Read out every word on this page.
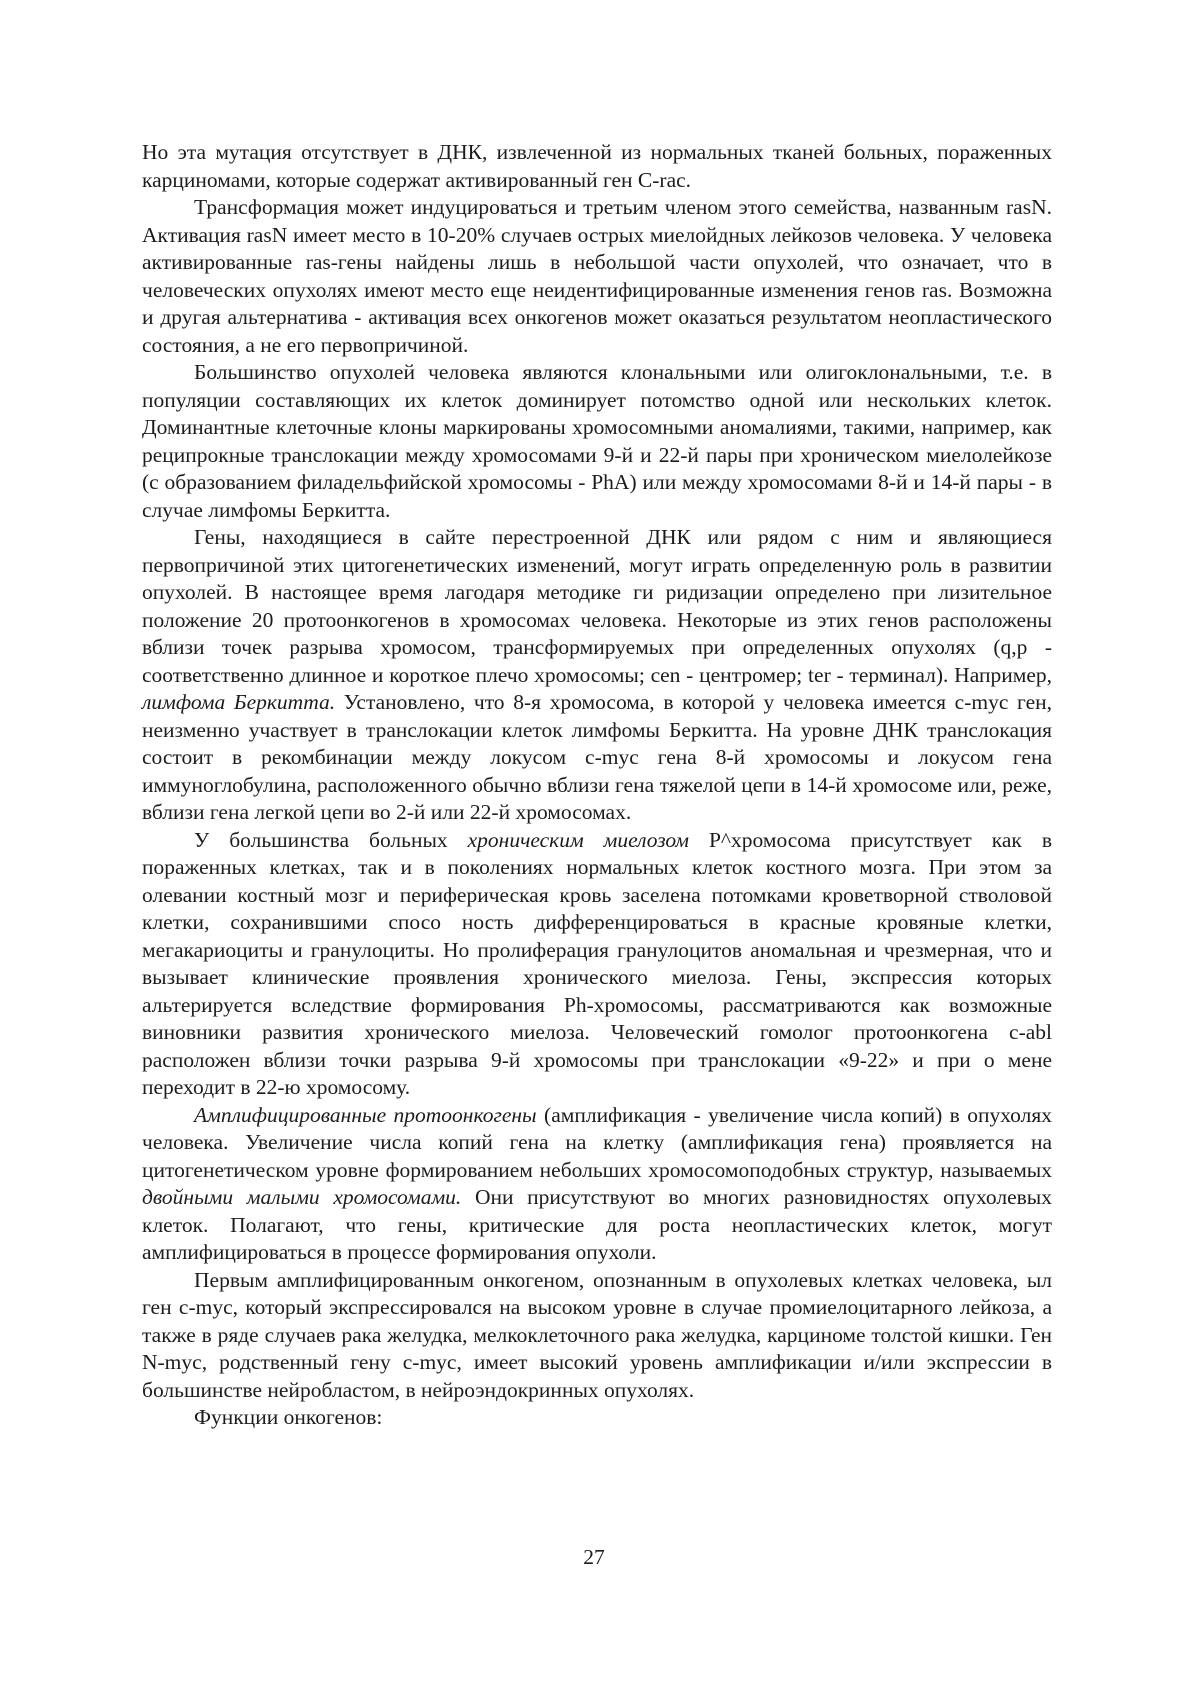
Но эта мутация отсутствует в ДНК, извлеченной из нормальных тканей больных, пораженных карциномами, которые содержат активированный ген C-rac.

Трансформация может индуцироваться и третьим членом этого семейства, названным rasN. Активация rasN имеет место в 10-20% случаев острых миелойдных лейкозов человека. У человека активированные ras-гены найдены лишь в небольшой части опухолей, что означает, что в человеческих опухолях имеют место еще неидентифицированные изменения генов ras. Возможна и другая альтернатива - активация всех онкогенов может оказаться результатом неопластического состояния, а не его первопричиной.

Большинство опухолей человека являются клональными или олигоклональными, т.е. в популяции составляющих их клеток доминирует потомство одной или нескольких клеток. Доминантные клеточные клоны маркированы хромосомными аномалиями, такими, например, как реципрокные транслокации между хромосомами 9-й и 22-й пары при хроническом миелолейкозе (с образованием филадельфийской хромосомы - PhA) или между хромосомами 8-й и 14-й пары - в случае лимфомы Беркитта.

Гены, находящиеся в сайте перестроенной ДНК или рядом с ним и являющиеся первопричиной этих цитогенетических изменений, могут играть определенную роль в развитии опухолей. В настоящее время лагодаря методике ги ридизации определено при лизительное положение 20 протоонкогенов в хромосомах человека. Некоторые из этих генов расположены вблизи точек разрыва хромосом, трансформируемых при определенных опухолях (q,p - соответственно длинное и короткое плечо хромосомы; cen - центромер; ter - терминал). Например, лимфома Беркитта. Установлено, что 8-я хромосома, в которой у человека имеется c-myc ген, неизменно участвует в транслокации клеток лимфомы Беркитта. На уровне ДНК транслокация состоит в рекомбинации между локусом c-myc гена 8-й хромосомы и локусом гена иммуноглобулина, расположенного обычно вблизи гена тяжелой цепи в 14-й хромосоме или, реже, вблизи гена легкой цепи во 2-й или 22-й хромосомах.

У большинства больных хроническим миелозом P^хромосома присутствует как в пораженных клетках, так и в поколениях нормальных клеток костного мозга. При этом за олевании костный мозг и периферическая кровь заселена потомками кроветворной стволовой клетки, сохранившими спосо ность дифференцироваться в красные кровяные клетки, мегакариоциты и гранулоциты. Но пролиферация гранулоцитов аномальная и чрезмерная, что и вызывает клинические проявления хронического миелоза. Гены, экспрессия которых альтерируется вследствие формирования Ph-хромосомы, рассматриваются как возможные виновники развития хронического миелоза. Человеческий гомолог протоонкогена c-abl расположен вблизи точки разрыва 9-й хромосомы при транслокации «9-22» и при о мене переходит в 22-ю хромосому.

Амплифицированные протоонкогены (амплификация - увеличение числа копий) в опухолях человека. Увеличение числа копий гена на клетку (амплификация гена) проявляется на цитогенетическом уровне формированием небольших хромосомоподобных структур, называемых двойными малыми хромосомами. Они присутствуют во многих разновидностях опухолевых клеток. Полагают, что гены, критические для роста неопластических клеток, могут амплифицироваться в процессе формирования опухоли.

Первым амплифицированным онкогеном, опознанным в опухолевых клетках человека, ыл ген c-myc, который экспрессировался на высоком уровне в случае промиелоцитарного лейкоза, а также в ряде случаев рака желудка, мелкоклеточного рака желудка, карциноме толстой кишки. Ген N-myc, родственный гену c-myc, имеет высокий уровень амплификации и/или экспрессии в большинстве нейробластом, в нейроэндокринных опухолях.

Функции онкогенов:

27
